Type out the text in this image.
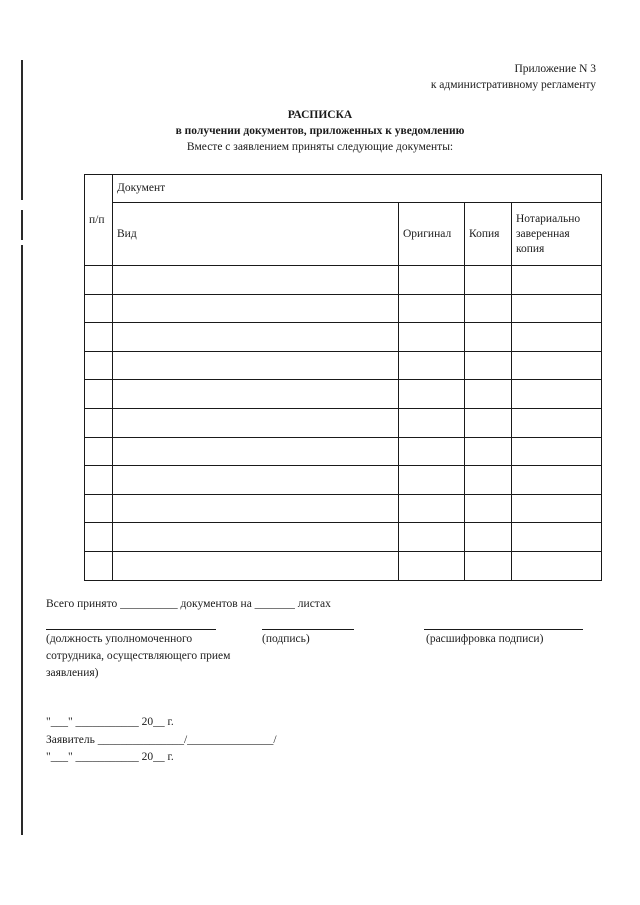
Приложение N 3
к административному регламенту
РАСПИСКА
в получении документов, приложенных к уведомлению
Вместе с заявлением приняты следующие документы:
п/п	Документ			
	Вид	Оригинал	Копия	Нотариально заверенная копия

Всего принято __________ документов на _______ листах
(должность уполномоченного сотрудника, осуществляющего прием заявления)
(подпись)	(расшифровка подписи)
"___" ___________ 20__ г.
Заявитель _______________/_______________/
"___" ___________ 20__ г.
